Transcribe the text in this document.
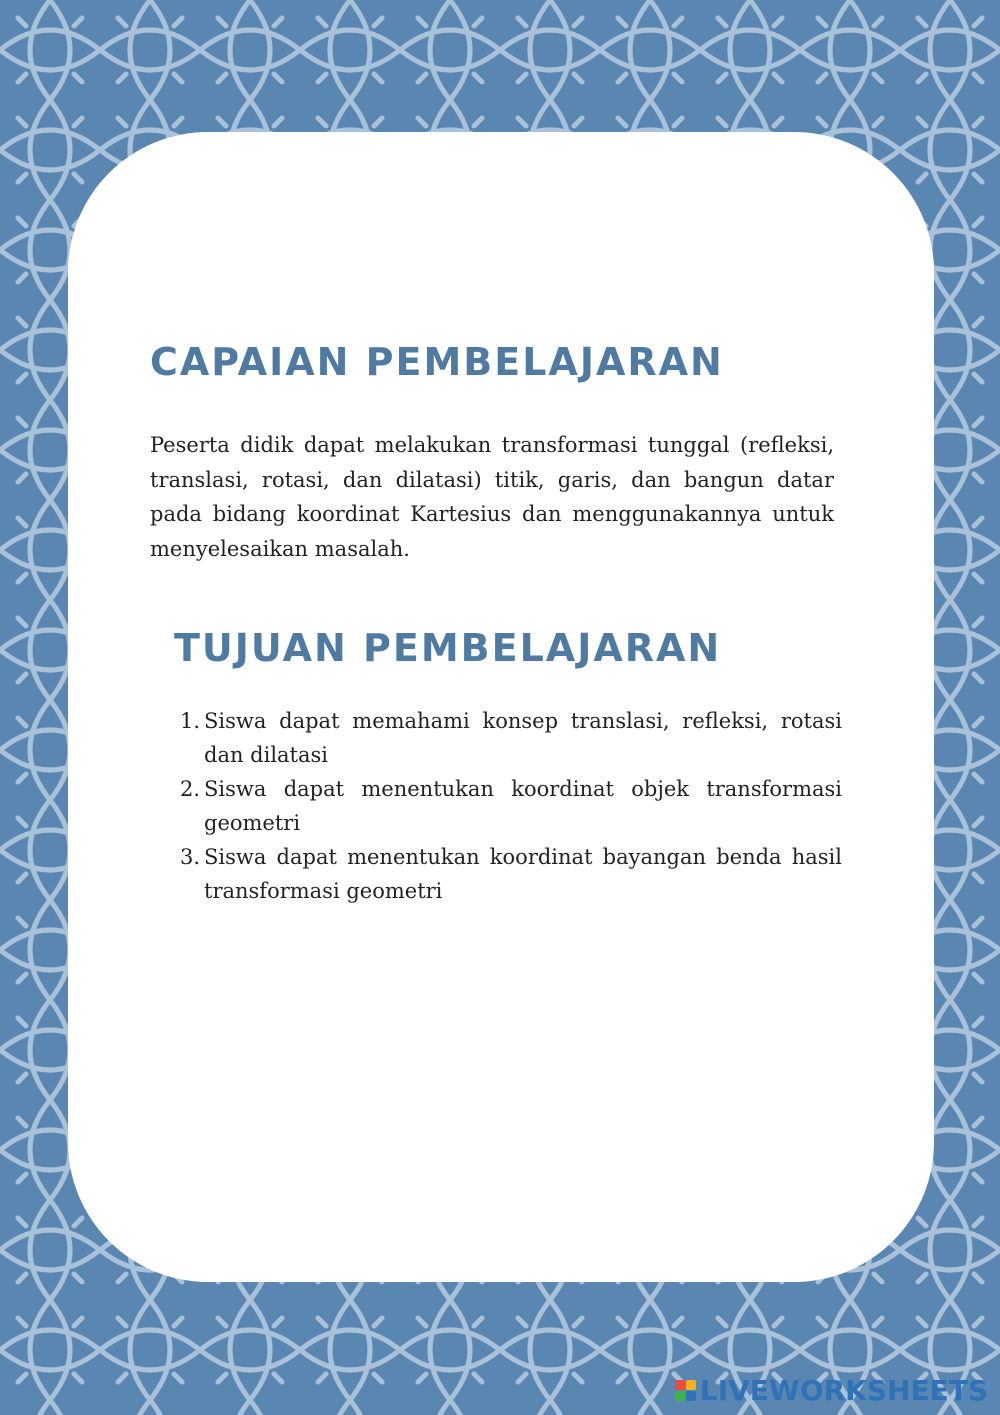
CAPAIAN PEMBELAJARAN

Peserta didik dapat melakukan transformasi tunggal (refleksi, translasi, rotasi, dan dilatasi) titik, garis, dan bangun datar pada bidang koordinat Kartesius dan menggunakannya untuk menyelesaikan masalah.

TUJUAN PEMBELAJARAN
1. Siswa dapat memahami konsep translasi, refleksi, rotasi dan dilatasi
2. Siswa dapat menentukan koordinat objek transformasi geometri
3. Siswa dapat menentukan koordinat bayangan benda hasil transformasi geometri
LIVEWORKSHEETS
